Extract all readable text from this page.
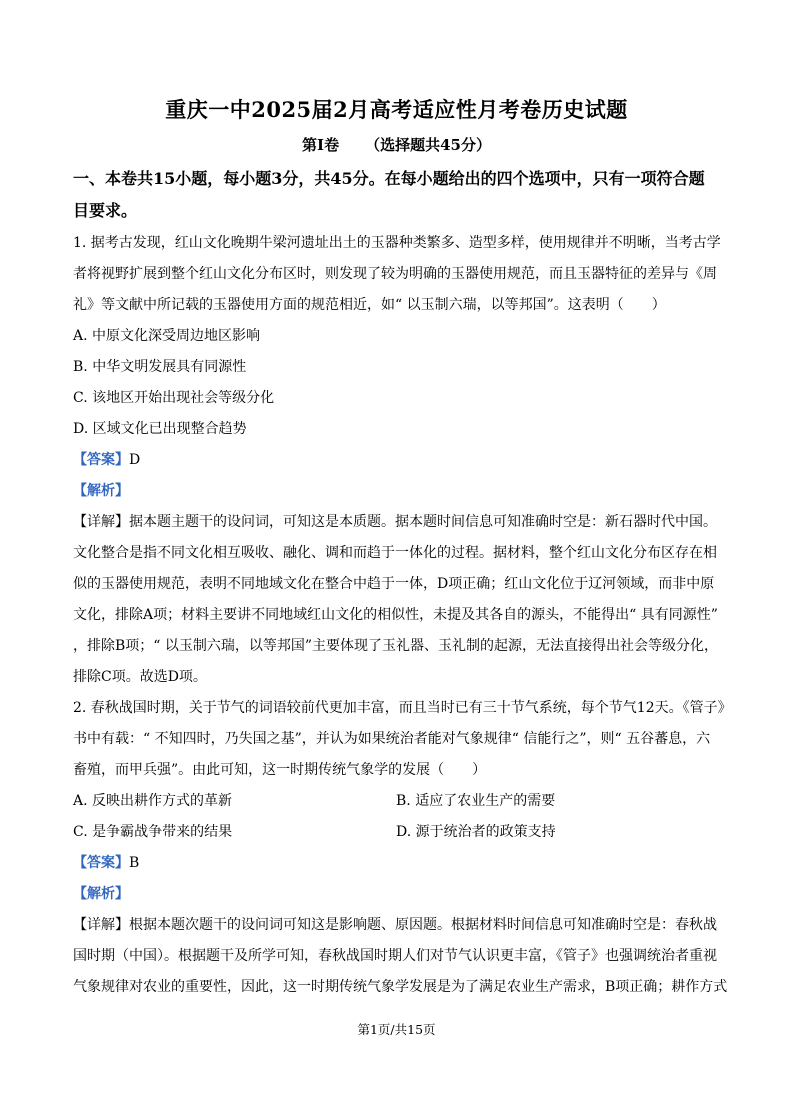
重庆一中2025届2月高考适应性月考卷历史试题
第Ⅰ卷 （选择题共45分）
一、本卷共15小题，每小题3分，共45分。在每小题给出的四个选项中，只有一项符合题
目要求。
1. 据考古发现，红山文化晚期牛梁河遗址出土的玉器种类繁多、造型多样，使用规律并不明晰，当考古学
者将视野扩展到整个红山文化分布区时，则发现了较为明确的玉器使用规范，而且玉器特征的差异与《周
礼》等文献中所记载的玉器使用方面的规范相近，如“ 以玉制六瑞，以等邦国”。这表明（　　）
A. 中原文化深受周边地区影响
B. 中华文明发展具有同源性
C. 该地区开始出现社会等级分化
D. 区域文化已出现整合趋势
【答案】D
【解析】
【详解】据本题主题干的设问词，可知这是本质题。据本题时间信息可知准确时空是：新石器时代中国。
文化整合是指不同文化相互吸收、融化、调和而趋于一体化的过程。据材料，整个红山文化分布区存在相
似的玉器使用规范，表明不同地域文化在整合中趋于一体，D项正确；红山文化位于辽河领域，而非中原
文化，排除A项；材料主要讲不同地域红山文化的相似性，未提及其各自的源头，不能得出“ 具有同源性”
，排除B项；“ 以玉制六瑞，以等邦国”主要体现了玉礼器、玉礼制的起源，无法直接得出社会等级分化，
排除C项。故选D项。
2. 春秋战国时期，关于节气的词语较前代更加丰富，而且当时已有三十节气系统，每个节气12天。《管子》
书中有载：“ 不知四时，乃失国之基”，并认为如果统治者能对气象规律“ 信能行之”，则“ 五谷蕃息，六
畜殖，而甲兵强”。由此可知，这一时期传统气象学的发展（　　）
A. 反映出耕作方式的革新	B. 适应了农业生产的需要
C. 是争霸战争带来的结果	D. 源于统治者的政策支持
【答案】B
【解析】
【详解】根据本题次题干的设问词可知这是影响题、原因题。根据材料时间信息可知准确时空是：春秋战
国时期（中国）。根据题干及所学可知，春秋战国时期人们对节气认识更丰富，《管子》也强调统治者重视
气象规律对农业的重要性，因此，这一时期传统气象学发展是为了满足农业生产需求，B项正确；耕作方式
第1页/共15页
